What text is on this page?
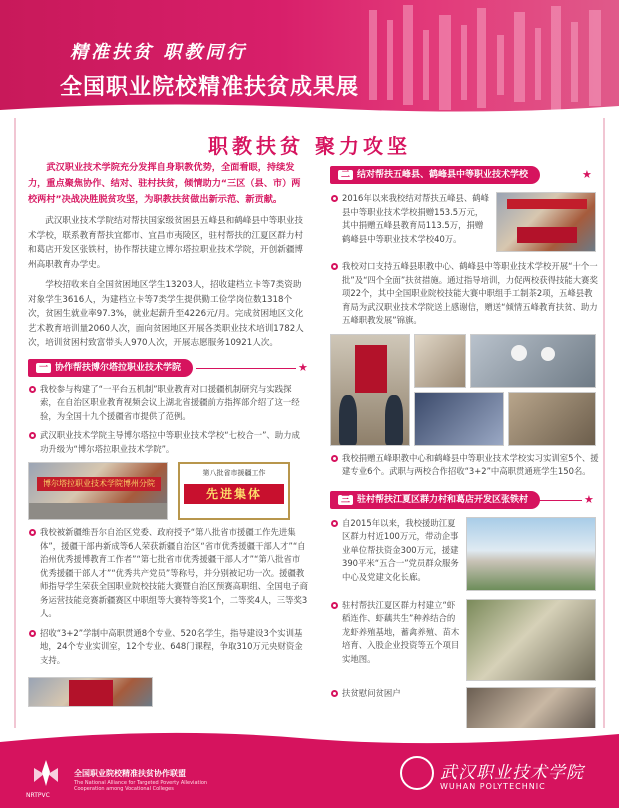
精准扶贫 职教同行
全国职业院校精准扶贫成果展
职教扶贫 聚力攻坚

武汉职业技术学院充分发挥自身职教优势，全面看眼，持续发力，重点聚焦协作、结对、驻村扶贫，倾情助力“三区（县、市）两校两村”决战决胜脱贫攻坚，为职教扶贫做出新示范、新贡献。

武汉职业技术学院结对帮扶国家级贫困县五峰县和鹤峰县中等职业技术学校，联系教育帮扶宜都市、宜昌市夷陵区，驻村帮扶的江夏区群力村和葛店开发区张铁村，协作帮扶建立博尔塔拉职业技术学院，开创新疆博州高职教育办学史。

学校招收来自全国贫困地区学生13203人，招收建档立卡等7类资助对象学生3616人，为建档立卡等7类学生提供勤工俭学岗位数1318个次，贫困生就业率97.3%，就业起薪升至4226元/月。完成贫困地区文化艺术教育培训量2060人次，面向贫困地区开展各类职业技术培训1782人次，培训贫困村致富带头人970人次，开展志愿服务10921人次。

一 协作帮扶博尔塔拉职业技术学院	★
我校参与构建了“一平台五机制”职业教育对口援疆机制研究与实践探索，在自治区职业教育视频会议上湖北省援疆前方指挥部介绍了这一经验，为全国十九个援疆省市提供了范例。
武汉职业技术学院主导博尔塔拉中等职业技术学校“七校合一”、助力成功升级为“博尔塔拉职业技术学院”。
博尔塔拉职业技术学院博州分院
第八批省市援疆工作
先进集体
我校被新疆维吾尔自治区党委、政府授予“第八批省市援疆工作先进集体”，援疆干部冉新成等6人荣获新疆自治区“省市优秀援疆干部人才”“自治州优秀援博教育工作者”“第七批省市优秀援疆干部人才”“第八批省市优秀援疆干部人才”“优秀共产党员”等称号，并分别被记功一次。援疆教师指导学生荣获全国职业院校技能大赛暨自治区预赛高职组、全国电子商务运营技能竞赛新疆赛区中职组等大赛特等奖1个，二等奖4人，三等奖3人。
招收“3+2”学制中高职贯通8个专业、520名学生，指导建设3个实训基地，24个专业实训室，12个专业、648门课程，争取310万元央财资金支持。
二 结对帮扶五峰县、鹤峰县中等职业技术学校	★
2016年以来我校结对帮扶五峰县、鹤峰县中等职业技术学校捐赠153.5万元，其中捐赠五峰县教育局113.5万，捐赠鹤峰县中等职业技术学校40万。
我校对口支持五峰县职教中心、鹤峰县中等职业技术学校开展“十个一批”及“四个全面”扶贫措施。通过指导培训，力促两校获得技能大赛奖项22个，其中全国职业院校技能大赛中职组手工制茶2项，五峰县教育局为武汉职业技术学院送上感谢信，赠送“倾情五峰教育扶贫、助力五峰职教发展”锦旗。
我校捐赠五峰职教中心和鹤峰县中等职业技术学校实习实训室5个、援建专业6个。武职与两校合作招收“3+2”中高职贯通班学生150名。
三 驻村帮扶江夏区群力村和葛店开发区张铁村	★
自2015年以来，我校援助江夏区群力村近100万元，带动企事业单位帮扶资金300万元，援建390平米“五合一”党员群众服务中心及党建文化长廊。
驻村帮扶江夏区群力村建立“虾稻连作、虾藕共生”种养结合的龙虾养殖基地，蓄禽养殖、苗木培育、入股企业投资等五个项目实地图。
扶贫慰问贫困户
NRTPVC
全国职业院校精准扶贫协作联盟
The National Alliance for Targeted Poverty Alleviation Cooperation among Vocational Colleges
武汉职业技术学院
WUHAN POLYTECHNIC
